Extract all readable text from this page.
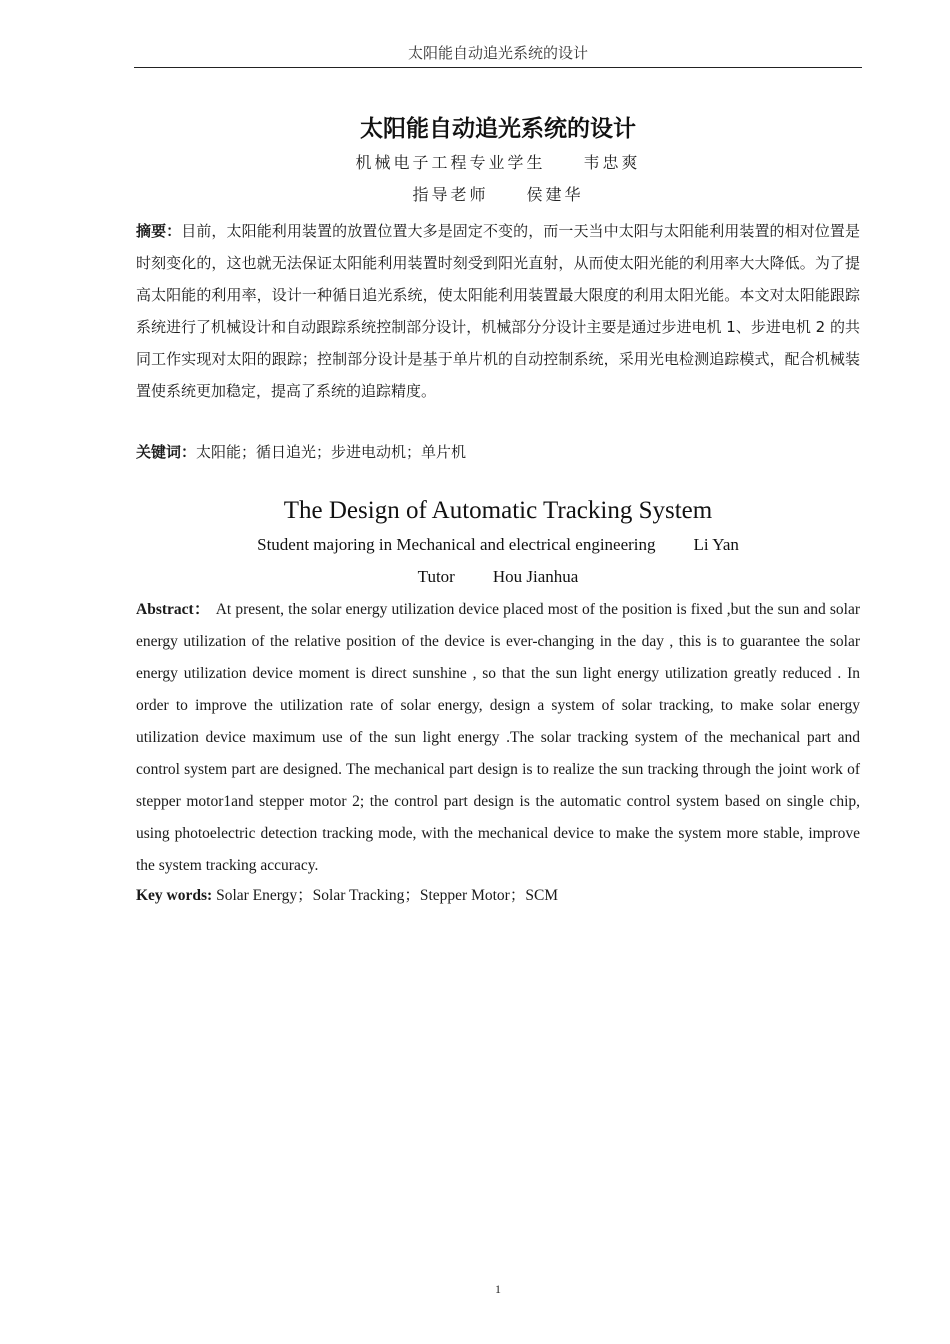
太阳能自动追光系统的设计
太阳能自动追光系统的设计
机械电子工程专业学生 韦忠爽
指导老师 侯建华
摘要：目前，太阳能利用装置的放置位置大多是固定不变的，而一天当中太阳与太阳能利用装置的相对位置是时刻变化的，这也就无法保证太阳能利用装置时刻受到阳光直射，从而使太阳光能的利用率大大降低。为了提高太阳能的利用率，设计一种循日追光系统，使太阳能利用装置最大限度的利用太阳光能。本文对太阳能跟踪系统进行了机械设计和自动跟踪系统控制部分设计，机械部分分设计主要是通过步进电机 1、步进电机 2 的共同工作实现对太阳的跟踪；控制部分设计是基于单片机的自动控制系统，采用光电检测追踪模式，配合机械装置使系统更加稳定，提高了系统的追踪精度。
关键词：太阳能；循日追光；步进电动机；单片机
The Design of Automatic Tracking System
Student majoring in Mechanical and electrical engineering Li Yan
Tutor Hou Jianhua
Abstract： At present, the solar energy utilization device placed most of the position is fixed ,but the sun and solar energy utilization of the relative position of the device is ever-changing in the day , this is to guarantee the solar energy utilization device moment is direct sunshine , so that the sun light energy utilization greatly reduced . In order to improve the utilization rate of solar energy, design a system of solar tracking, to make solar energy utilization device maximum use of the sun light energy .The solar tracking system of the mechanical part and control system part are designed. The mechanical part design is to realize the sun tracking through the joint work of stepper motor1and stepper motor 2; the control part design is the automatic control system based on single chip, using photoelectric detection tracking mode, with the mechanical device to make the system more stable, improve the system tracking accuracy.
Key words: Solar Energy；Solar Tracking；Stepper Motor；SCM
1
